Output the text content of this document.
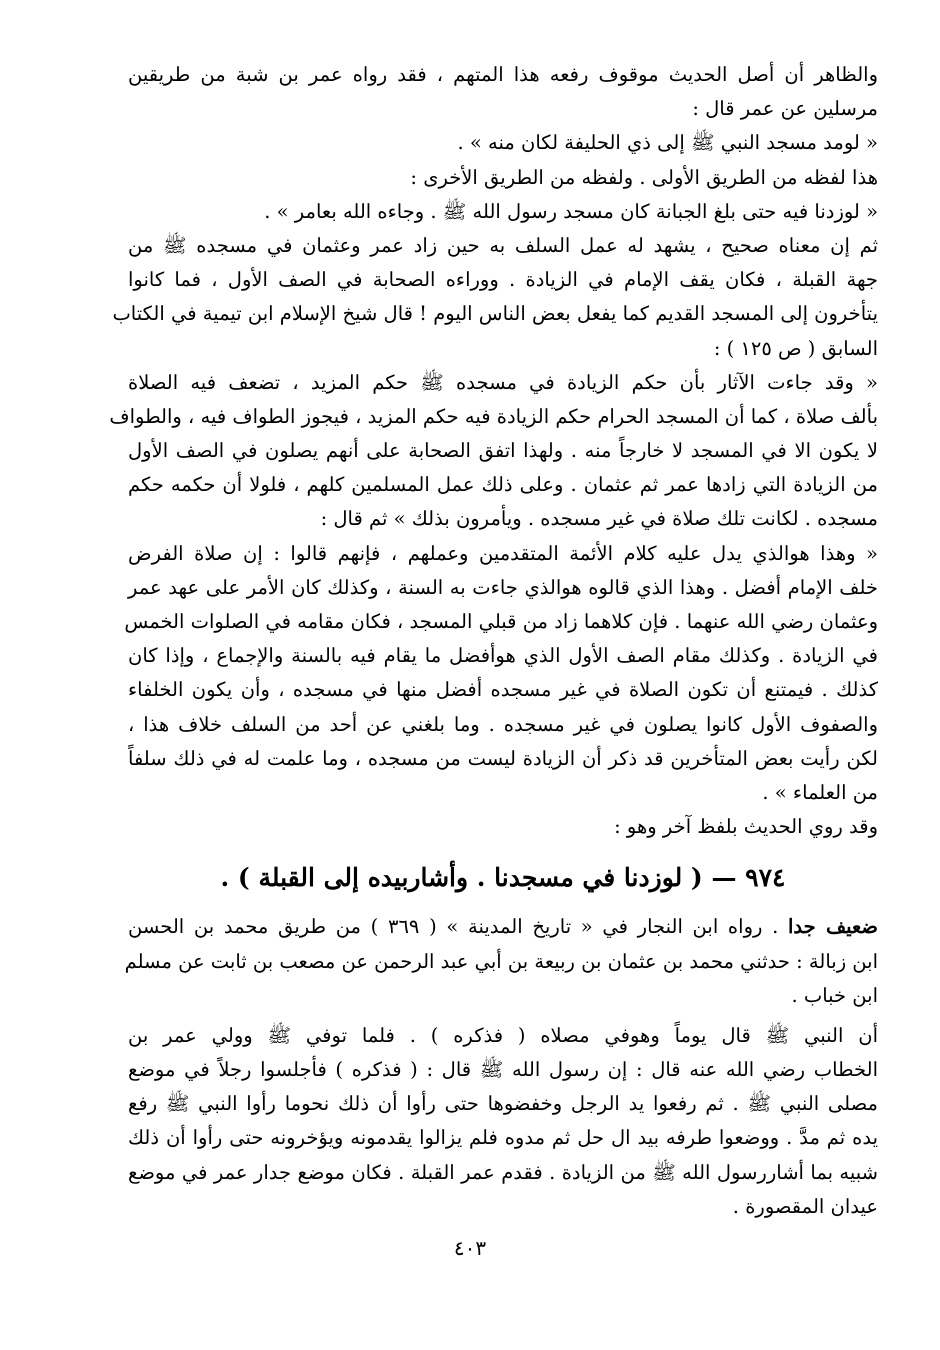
والظاهر أن أصل الحديث موقوف رفعه هذا المتهم ، فقد رواه عمر بن شبة من طريقين
مرسلين عن عمر قال :
« لومد مسجد النبي ﷺ إلى ذي الحليفة لكان منه » .
هذا لفظه من الطريق الأولى . ولفظه من الطريق الأخرى :
« لوزدنا فيه حتى بلغ الجبانة كان مسجد رسول الله ﷺ . وجاءه الله بعامر » .
ثم إن معناه صحيح ، يشهد له عمل السلف به حين زاد عمر وعثمان في مسجده ﷺ من
جهة القبلة ، فكان يقف الإمام في الزيادة . ووراءه الصحابة في الصف الأول ، فما كانوا
يتأخرون إلى المسجد القديم كما يفعل بعض الناس اليوم ! قال شيخ الإسلام ابن تيمية في الكتاب
السابق ( ص ١٢٥ ) :
« وقد جاءت الآثار بأن حكم الزيادة في مسجده ﷺ حكم المزيد ، تضعف فيه الصلاة
بألف صلاة ، كما أن المسجد الحرام حكم الزيادة فيه حكم المزيد ، فيجوز الطواف فيه ، والطواف
لا يكون الا في المسجد لا خارجاً منه . ولهذا اتفق الصحابة على أنهم يصلون في الصف الأول
من الزيادة التي زادها عمر ثم عثمان . وعلى ذلك عمل المسلمين كلهم ، فلولا أن حكمه حكم
مسجده . لكانت تلك صلاة في غير مسجده . ويأمرون بذلك » ثم قال :
« وهذا هوالذي يدل عليه كلام الأئمة المتقدمين وعملهم ، فإنهم قالوا : إن صلاة الفرض
خلف الإمام أفضل . وهذا الذي قالوه هوالذي جاءت به السنة ، وكذلك كان الأمر على عهد عمر
وعثمان رضي الله عنهما . فإن كلاهما زاد من قبلي المسجد ، فكان مقامه في الصلوات الخمس
في الزيادة . وكذلك مقام الصف الأول الذي هوأفضل ما يقام فيه بالسنة والإجماع ، وإذا كان
كذلك . فيمتنع أن تكون الصلاة في غير مسجده أفضل منها في مسجده ، وأن يكون الخلفاء
والصفوف الأول كانوا يصلون في غير مسجده . وما بلغني عن أحد من السلف خلاف هذا ،
لكن رأيت بعض المتأخرين قد ذكر أن الزيادة ليست من مسجده ، وما علمت له في ذلك سلفاً
من العلماء » .
وقد روي الحديث بلفظ آخر وهو :
٩٧٤ — ( لوزدنا في مسجدنا . وأشاربيده إلى القبلة ) .
ضعيف جدا . رواه ابن النجار في « تاريخ المدينة » ( ٣٦٩ ) من طريق محمد بن الحسن
ابن زبالة : حدثني محمد بن عثمان بن ربيعة بن أبي عبد الرحمن عن مصعب بن ثابت عن مسلم
ابن خباب .
أن النبي ﷺ قال يوماً وهوفي مصلاه ( فذكره ) . فلما توفي ﷺ وولي عمر بن
الخطاب رضي الله عنه قال : إن رسول الله ﷺ قال : ( فذكره ) فأجلسوا رجلاً في موضع
مصلى النبي ﷺ . ثم رفعوا يد الرجل وخفضوها حتى رأوا أن ذلك نحوما رأوا النبي ﷺ رفع
يده ثم مدَّ . ووضعوا طرفه بيد ال حل ثم مدوه فلم يزالوا يقدمونه ويؤخرونه حتى رأوا أن ذلك
شبيه بما أشاررسول الله ﷺ من الزيادة . فقدم عمر القبلة . فكان موضع جدار عمر في موضع
عيدان المقصورة .
٤٠٣
